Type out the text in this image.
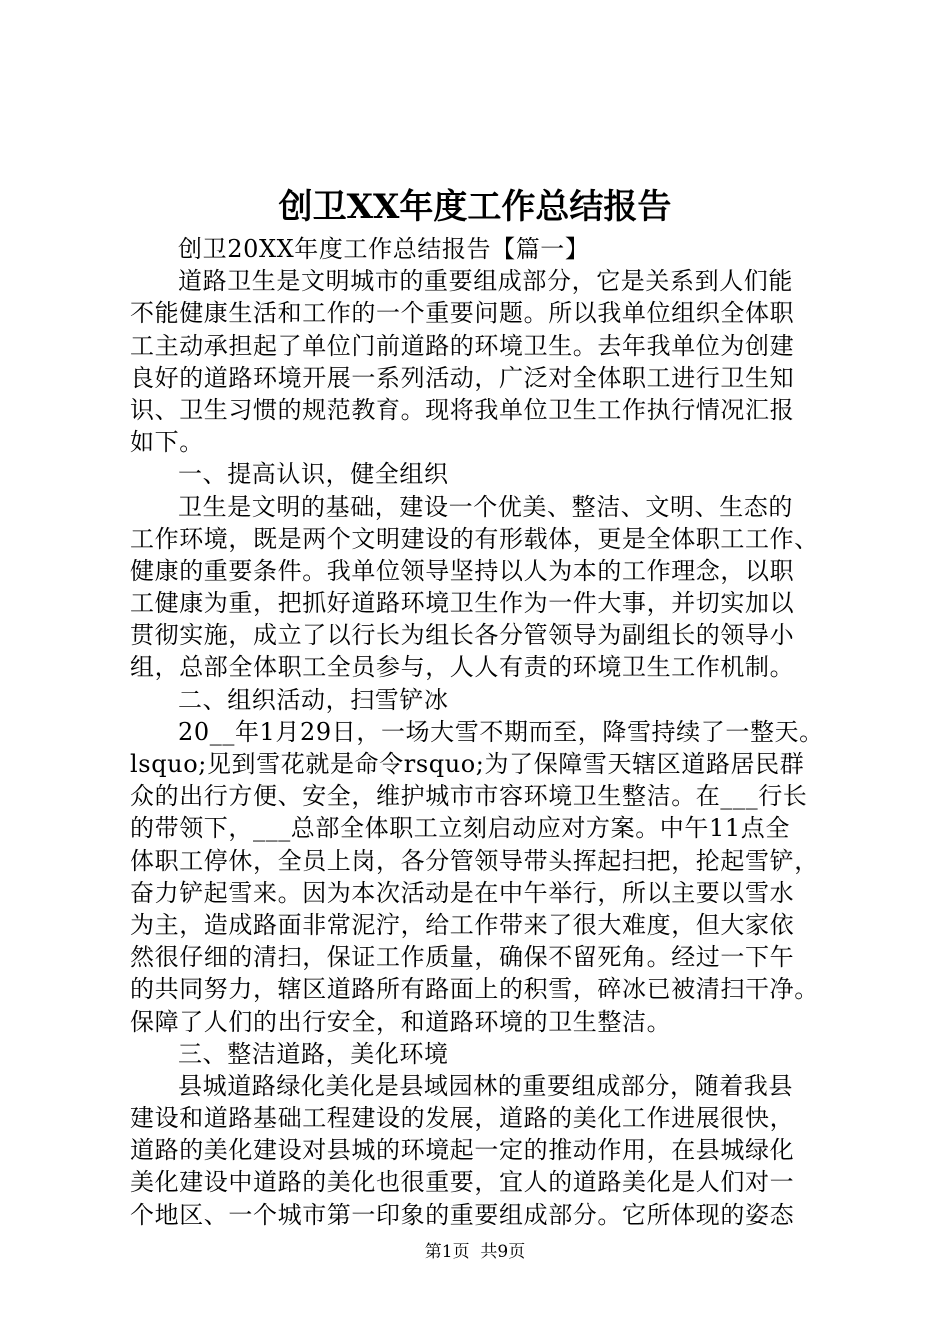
创卫XX年度工作总结报告
创卫20XX年度工作总结报告【篇一】
道路卫生是文明城市的重要组成部分，它是关系到人们能
不能健康生活和工作的一个重要问题。所以我单位组织全体职
工主动承担起了单位门前道路的环境卫生。去年我单位为创建
良好的道路环境开展一系列活动，广泛对全体职工进行卫生知
识、卫生习惯的规范教育。现将我单位卫生工作执行情况汇报
如下。
一、提高认识，健全组织
卫生是文明的基础，建设一个优美、整洁、文明、生态的
工作环境，既是两个文明建设的有形载体，更是全体职工工作、
健康的重要条件。我单位领导坚持以人为本的工作理念，以职
工健康为重，把抓好道路环境卫生作为一件大事，并切实加以
贯彻实施，成立了以行长为组长各分管领导为副组长的领导小
组，总部全体职工全员参与，人人有责的环境卫生工作机制。
二、组织活动，扫雪铲冰
20__年1月29日，一场大雪不期而至，降雪持续了一整天。
lsquo;见到雪花就是命令rsquo;为了保障雪天辖区道路居民群
众的出行方便、安全，维护城市市容环境卫生整洁。在___行长
的带领下，___总部全体职工立刻启动应对方案。中午11点全
体职工停休，全员上岗，各分管领导带头挥起扫把，抡起雪铲，
奋力铲起雪来。因为本次活动是在中午举行，所以主要以雪水
为主，造成路面非常泥泞，给工作带来了很大难度，但大家依
然很仔细的清扫，保证工作质量，确保不留死角。经过一下午
的共同努力，辖区道路所有路面上的积雪，碎冰已被清扫干净。
保障了人们的出行安全，和道路环境的卫生整洁。
三、整洁道路，美化环境
县城道路绿化美化是县域园林的重要组成部分，随着我县
建设和道路基础工程建设的发展，道路的美化工作进展很快，
道路的美化建设对县城的环境起一定的推动作用，在县城绿化
美化建设中道路的美化也很重要，宜人的道路美化是人们对一
个地区、一个城市第一印象的重要组成部分。它所体现的姿态
第1页  共9页
